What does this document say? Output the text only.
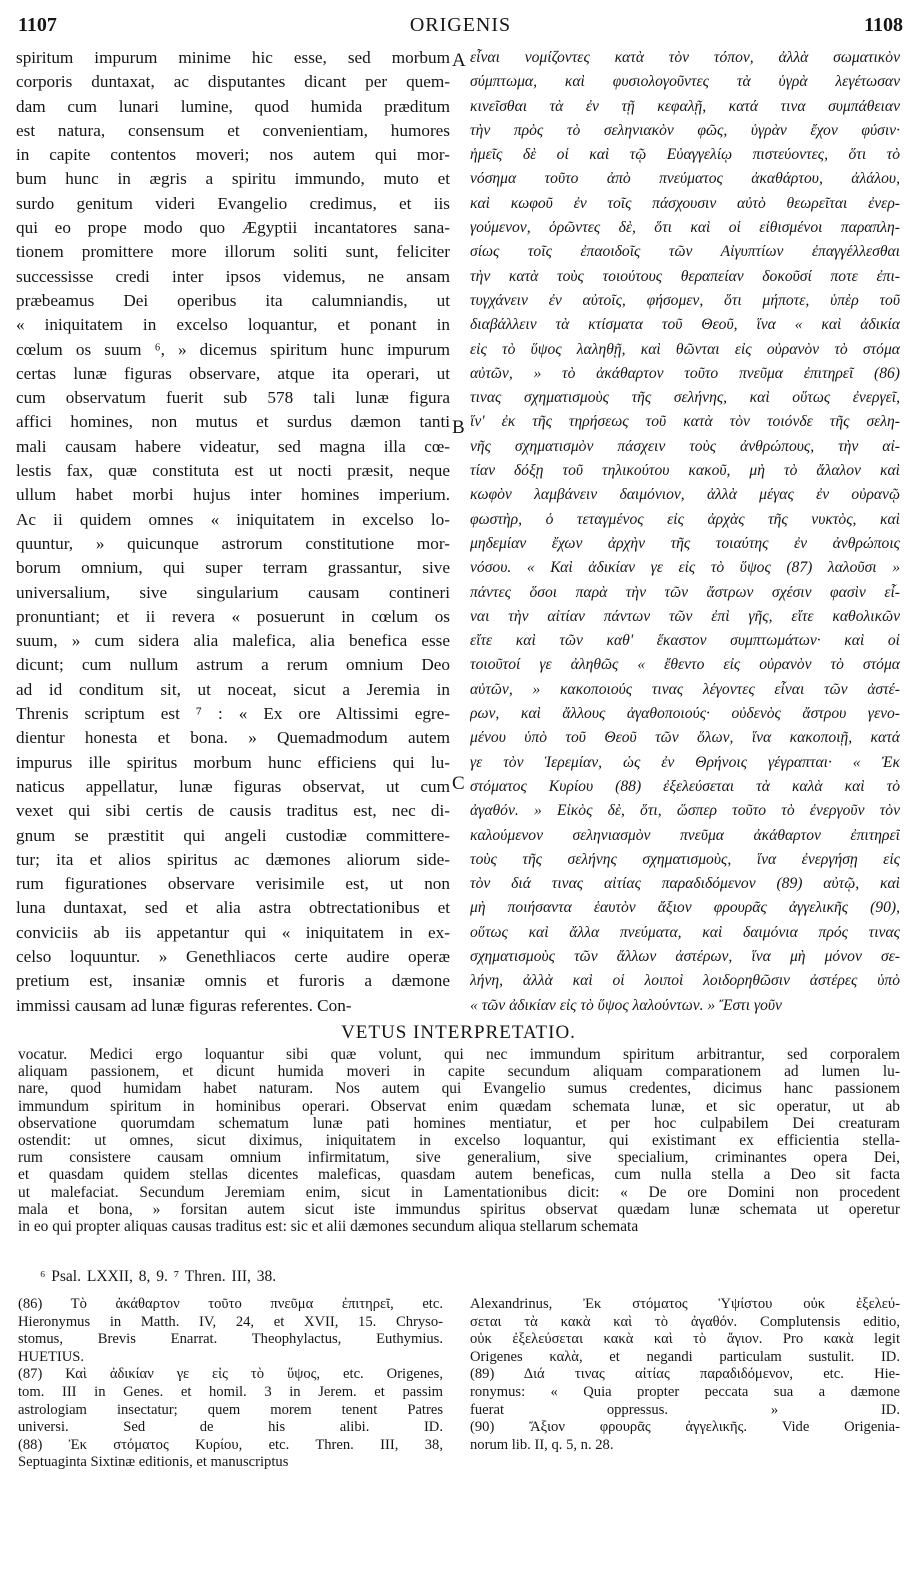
1107	ORIGENIS	1108
spiritum impurum minime hic esse, sed morbum
corporis duntaxat, ac disputantes dicant per quem-
dam cum lunari lumine, quod humida præditum
est natura, consensum et convenientiam, humores
in capite contentos moveri; nos autem qui mor-
bum hunc in ægris a spiritu immundo, muto et
surdo genitum videri Evangelio credimus, et iis
qui eo prope modo quo Ægyptii incantatores sana-
tionem promittere more illorum soliti sunt, feliciter
successisse credi inter ipsos videmus, ne ansam
præbeamus Dei operibus ita calumniandis, ut
« iniquitatem in excelso loquantur, et ponant in
cœlum os suum ⁶, » dicemus spiritum hunc impurum
certas lunæ figuras observare, atque ita operari, ut
cum observatum fuerit sub 578 tali lunæ figura
affici homines, non mutus et surdus dæmon tanti
mali causam habere videatur, sed magna illa cœ-
lestis fax, quæ constituta est ut nocti præsit, neque
ullum habet morbi hujus inter homines imperium.
Ac ii quidem omnes « iniquitatem in excelso lo-
quuntur, » quicunque astrorum constitutione mor-
borum omnium, qui super terram grassantur, sive
universalium, sive singularium causam contineri
pronuntiant; et ii revera « posuerunt in cœlum os
suum, » cum sidera alia malefica, alia benefica esse
dicunt; cum nullum astrum a rerum omnium Deo
ad id conditum sit, ut noceat, sicut a Jeremia in
Threnis scriptum est ⁷ : « Ex ore Altissimi egre-
dientur honesta et bona. » Quemadmodum autem
impurus ille spiritus morbum hunc efficiens qui lu-
naticus appellatur, lunæ figuras observat, ut cum
vexet qui sibi certis de causis traditus est, nec di-
gnum se præstitit qui angeli custodiæ committere-
tur; ita et alios spiritus ac dæmones aliorum side-
rum figurationes observare verisimile est, ut non
luna duntaxat, sed et alia astra obtrectationibus et
conviciis ab iis appetantur qui « iniquitatem in ex-
celso loquuntur. » Genethliacos certe audire operæ
pretium est, insaniæ omnis et furoris a dæmone
immissi causam ad lunæ figuras referentes. Con-
εἶναι νομίζοντες κατὰ τὸν τόπον, ἀλλὰ σωματικὸν
σύμπτωμα, καὶ φυσιολογοῦντες τὰ ὑγρὰ λεγέτωσαν
κινεῖσθαι τὰ ἐν τῇ κεφαλῇ, κατά τινα συμπάθειαν
τὴν πρὸς τὸ σεληνιακὸν φῶς, ὑγρὰν ἔχον φύσιν·
ἡμεῖς δὲ οἱ καὶ τῷ Εὐαγγελίῳ πιστεύοντες, ὅτι τὸ
νόσημα τοῦτο ἀπὸ πνεύματος ἀκαθάρτου, ἀλάλου,
καὶ κωφοῦ ἐν τοῖς πάσχουσιν αὐτὸ θεωρεῖται ἐνερ-
γούμενον, ὁρῶντες δὲ, ὅτι καὶ οἱ εἰθισμένοι παραπλη-
σίως τοῖς ἐπαοιδοῖς τῶν Αἰγυπτίων ἐπαγγέλλεσθαι
τὴν κατὰ τοὺς τοιούτους θεραπείαν δοκοῦσί ποτε ἐπι-
τυγχάνειν ἐν αὐτοῖς, φήσομεν, ὅτι μήποτε, ὑπὲρ τοῦ
διαβάλλειν τὰ κτίσματα τοῦ Θεοῦ, ἵνα « καὶ ἀδικία
εἰς τὸ ὕψος λαληθῇ, καὶ θῶνται εἰς οὐρανὸν τὸ στόμα
αὐτῶν, » τὸ ἀκάθαρτον τοῦτο πνεῦμα ἐπιτηρεῖ (86)
τινας σχηματισμοὺς τῆς σελήνης, καὶ οὕτως ἐνεργεῖ,
ἵν' ἐκ τῆς τηρήσεως τοῦ κατὰ τὸν τοιόνδε τῆς σελη-
νῆς σχηματισμὸν πάσχειν τοὺς ἀνθρώπους, τὴν αἰ-
τίαν δόξῃ τοῦ τηλικούτου κακοῦ, μὴ τὸ ἄλαλον καὶ
κωφὸν λαμβάνειν δαιμόνιον, ἀλλὰ μέγας ἐν οὐρανῷ
φωστὴρ, ὁ τεταγμένος εἰς ἀρχὰς τῆς νυκτὸς, καὶ
μηδεμίαν ἔχων ἀρχὴν τῆς τοιαύτης ἐν ἀνθρώποις
νόσου. « Καὶ ἀδικίαν γε εἰς τὸ ὕψος (87) λαλοῦσι »
πάντες ὅσοι παρὰ τὴν τῶν ἄστρων σχέσιν φασὶν εἶ-
ναι τὴν αἰτίαν πάντων τῶν ἐπὶ γῆς, εἴτε καθολικῶν
εἴτε καὶ τῶν καθ' ἕκαστον συμπτωμάτων· καὶ οἱ
τοιοῦτοί γε ἀληθῶς « ἔθεντο εἰς οὐρανὸν τὸ στόμα
αὐτῶν, » κακοποιούς τινας λέγοντες εἶναι τῶν ἀστέ-
ρων, καὶ ἄλλους ἀγαθοποιούς· οὐδενὸς ἄστρου γενο-
μένου ὑπὸ τοῦ Θεοῦ τῶν ὅλων, ἵνα κακοποιῇ, κατά
γε τὸν Ἱερεμίαν, ὡς ἐν Θρήνοις γέγραπται· « Ἐκ
στόματος Κυρίου (88) ἐξελεύσεται τὰ καλὰ καὶ τὸ
ἀγαθόν. » Εἰκὸς δὲ, ὅτι, ὥσπερ τοῦτο τὸ ἐνεργοῦν τὸν
καλούμενον σεληνιασμὸν πνεῦμα ἀκάθαρτον ἐπιτηρεῖ
τοὺς τῆς σελήνης σχηματισμοὺς, ἵνα ἐνεργήσῃ εἰς
τὸν διά τινας αἰτίας παραδιδόμενον (89) αὐτῷ, καὶ
μὴ ποιήσαντα ἑαυτὸν ἄξιον φρουρᾶς ἀγγελικῆς (90),
οὕτως καὶ ἄλλα πνεύματα, καὶ δαιμόνια πρός τινας
σχηματισμοὺς τῶν ἄλλων ἀστέρων, ἵνα μὴ μόνον σε-
λήνη, ἀλλὰ καὶ οἱ λοιποὶ λοιδορηθῶσιν ἀστέρες ὑπὸ
« τῶν ἀδικίαν εἰς τὸ ὕψος λαλούντων. » Ἔστι γοῦν
A
B
C
VETUS INTERPRETATIO.
vocatur. Medici ergo loquantur sibi quæ volunt, qui nec immundum spiritum arbitrantur, sed corporalem
aliquam passionem, et dicunt humida moveri in capite secundum aliquam comparationem ad lumen lu-
nare, quod humidam habet naturam. Nos autem qui Evangelio sumus credentes, dicimus hanc passionem
immundum spiritum in hominibus operari. Observat enim quædam schemata lunæ, et sic operatur, ut ab
observatione quorumdam schematum lunæ pati homines mentiatur, et per hoc culpabilem Dei creaturam
ostendit: ut omnes, sicut diximus, iniquitatem in excelso loquantur, qui existimant ex efficientia stella-
rum consistere causam omnium infirmitatum, sive generalium, sive specialium, criminantes opera Dei,
et quasdam quidem stellas dicentes maleficas, quasdam autem beneficas, cum nulla stella a Deo sit facta
ut malefaciat. Secundum Jeremiam enim, sicut in Lamentationibus dicit: « De ore Domini non procedent
mala et bona, » forsitan autem sicut iste immundus spiritus observat quædam lunæ schemata ut operetur
in eo qui propter aliquas causas traditus est: sic et alii dæmones secundum aliqua stellarum schemata
⁶ Psal. LXXII, 8, 9. ⁷ Thren. III, 38.
(86) Τὸ ἀκάθαρτον τοῦτο πνεῦμα ἐπιτηρεῖ, etc.
Hieronymus in Matth. IV, 24, et XVII, 15. Chryso-
stomus, Brevis Enarrat. Theophylactus, Euthymius.
HUETIUS.
(87) Καὶ ἀδικίαν γε εἰς τὸ ὕψος, etc. Origenes,
tom. III in Genes. et homil. 3 in Jerem. et passim
astrologiam insectatur; quem morem tenent Patres
universi. Sed de his alibi. ID.
(88) Ἐκ στόματος Κυρίου, etc. Thren. III, 38,
Septuaginta Sixtinæ editionis, et manuscriptus
Alexandrinus, Ἐκ στόματος Ὑψίστου οὐκ ἐξελεύ-
σεται τὰ κακὰ καὶ τὸ ἀγαθόν. Complutensis editio,
οὐκ ἐξελεύσεται κακὰ καὶ τὸ ἄγιον. Pro κακὰ legit
Origenes καλὰ, et negandi particulam sustulit. ID.
(89) Διά τινας αἰτίας παραδιδόμενον, etc. Hie-
ronymus: « Quia propter peccata sua a dæmone
fuerat oppressus. » ID.
(90) Ἄξιον φρουρᾶς ἀγγελικῆς. Vide Origenia-
norum lib. II, q. 5, n. 28.
